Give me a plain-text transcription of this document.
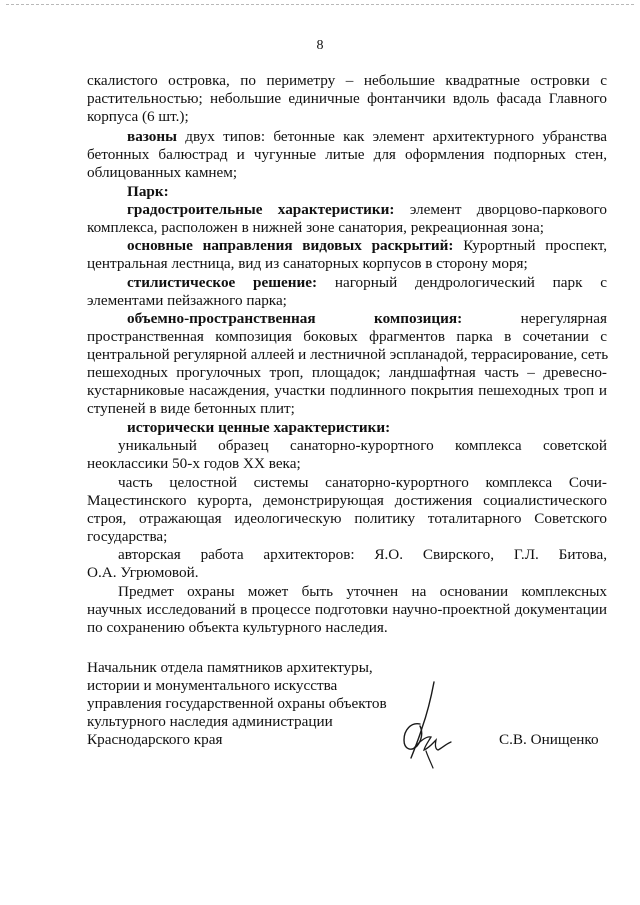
8
скалистого островка, по периметру – небольшие квадратные островки с
растительностью; небольшие единичные фонтанчики вдоль фасада Главного
корпуса (6 шт.);
вазоны двух типов: бетонные как элемент архитектурного убранства
бетонных балюстрад и чугунные литые для оформления подпорных стен,
облицованных камнем;
Парк:
градостроительные характеристики: элемент дворцово-паркового
комплекса, расположен в нижней зоне санатория, рекреационная зона;
основные направления видовых раскрытий: Курортный проспект,
центральная лестница, вид из санаторных корпусов в сторону моря;
стилистическое решение: нагорный дендрологический парк с
элементами пейзажного парка;
объемно-пространственная композиция: нерегулярная
пространственная композиция боковых фрагментов парка в сочетании с
центральной регулярной аллеей и лестничной эспланадой, террасирование, сеть
пешеходных прогулочных троп, площадок; ландшафтная часть – древесно-
кустарниковые насаждения, участки подлинного покрытия пешеходных троп и
ступеней в виде бетонных плит;
исторически ценные характеристики:
уникальный образец санаторно-курортного комплекса советской
неоклассики 50-х годов XX века;
часть целостной системы санаторно-курортного комплекса Сочи-
Мацестинского курорта, демонстрирующая достижения социалистического
строя, отражающая идеологическую политику тоталитарного Советского
государства;
авторская работа архитекторов: Я.О. Свирского, Г.Л. Битова,
О.А. Угрюмовой.
Предмет охраны может быть уточнен на основании комплексных
научных исследований в процессе подготовки научно-проектной документации
по сохранению объекта культурного наследия.
Начальник отдела памятников архитектуры,
истории и монументального искусства
управления государственной охраны объектов
культурного наследия администрации
Краснодарского края	С.В. Онищенко
